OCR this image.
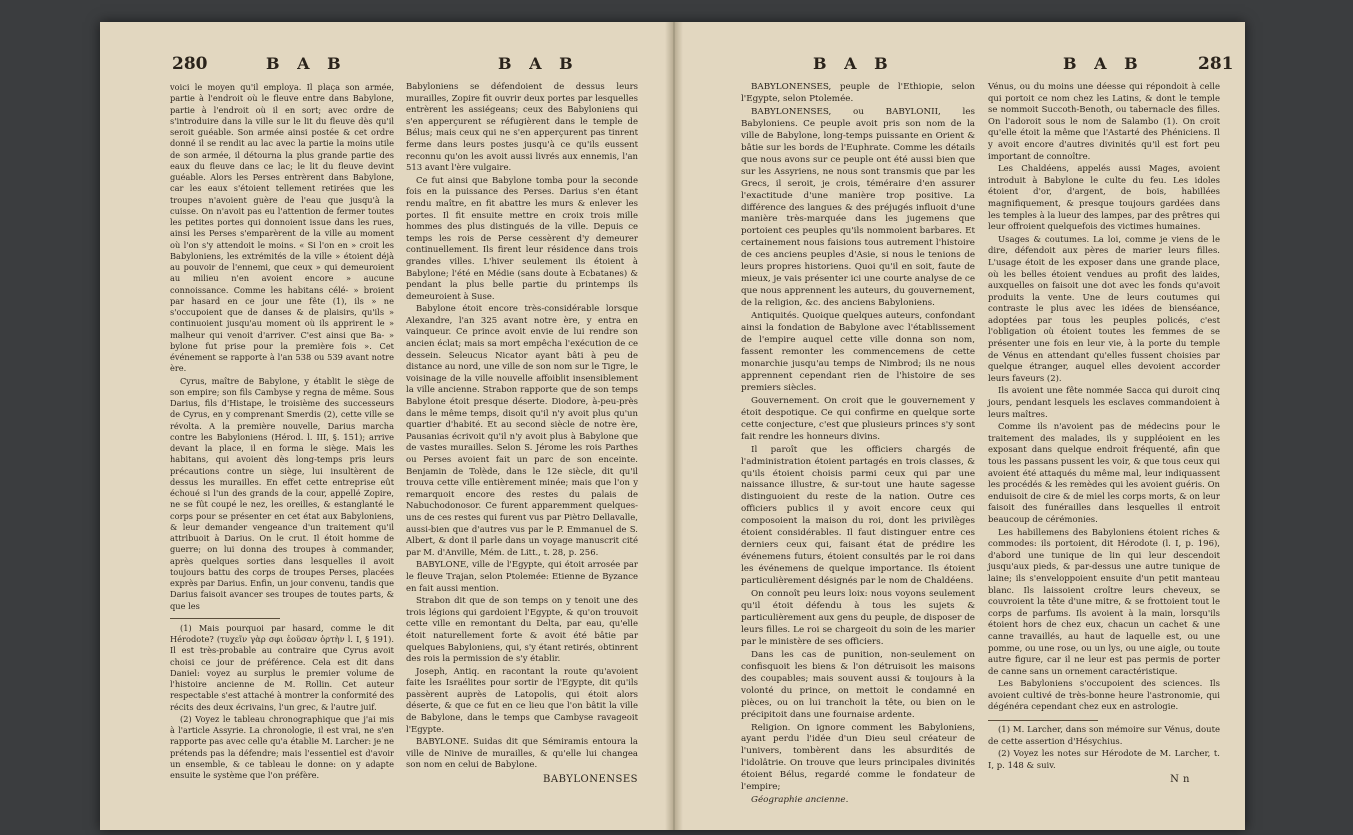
280	B A B	B A B

voici le moyen qu'il employa. Il plaça son armée, partie à l'endroit où le fleuve entre dans Babylone, partie à l'endroit où il en sort; avec ordre de s'introduire dans la ville sur le lit du fleuve dès qu'il seroit guéable. Son armée ainsi postée & cet ordre donné il se rendit au lac avec la partie la moins utile de son armée, il détourna la plus grande partie des eaux du fleuve dans ce lac; le lit du fleuve devint guéable. Alors les Perses entrèrent dans Babylone, car les eaux s'étoient tellement retirées que les troupes n'avoient guère de l'eau que jusqu'à la cuisse. On n'avoit pas eu l'attention de fermer toutes les petites portes qui donnoient issue dans les rues, ainsi les Perses s'emparèrent de la ville au moment où l'on s'y attendoit le moins. « Si l'on en » croit les Babyloniens, les extrémités de la ville » étoient déjà au pouvoir de l'ennemi, que ceux » qui demeuroient au milieu n'en avoient encore » aucune connoissance. Comme les habitans célé- » broient par hasard en ce jour une fête (1), ils » ne s'occupoient que de danses & de plaisirs, qu'ils » continuoient jusqu'au moment où ils apprirent le » malheur qui venoit d'arriver. C'est ainsi que Ba- » bylone fut prise pour la première fois ». Cet événement se rapporte à l'an 538 ou 539 avant notre ère.

Cyrus, maître de Babylone, y établit le siège de son empire; son fils Cambyse y regna de même. Sous Darius, fils d'Histape, le troisième des successeurs de Cyrus, en y comprenant Smerdis (2), cette ville se révolta. A la première nouvelle, Darius marcha contre les Babyloniens (Hérod. l. III, §. 151); arrive devant la place, il en forma le siège. Mais les habitans, qui avoient dès long-temps pris leurs précautions contre un siège, lui insultèrent de dessus les murailles. En effet cette entreprise eût échoué si l'un des grands de la cour, appellé Zopire, ne se fût coupé le nez, les oreilles, & estanglanté le corps pour se présenter en cet état aux Babyloniens, & leur demander vengeance d'un traitement qu'il attribuoit à Darius. On le crut. Il étoit homme de guerre; on lui donna des troupes à commander, après quelques sorties dans lesquelles il avoit toujours battu des corps de troupes Perses, placées exprès par Darius. Enfin, un jour convenu, tandis que Darius faisoit avancer ses troupes de toutes parts, & que les

(1) Mais pourquoi par hasard, comme le dit Hérodote? (τυχεῖν γὰρ σφι ἐοῦσαν ὁρτὴν l. I, § 191). Il est très-probable au contraire que Cyrus avoit choisi ce jour de préférence. Cela est dit dans Daniel: voyez au surplus le premier volume de l'histoire ancienne de M. Rollin. Cet auteur respectable s'est attaché à montrer la conformité des récits des deux écrivains, l'un grec, & l'autre juif.

(2) Voyez le tableau chronographique que j'ai mis à l'article Assyrie. La chronologie, il est vrai, ne s'en rapporte pas avec celle qu'a établie M. Larcher: je ne prétends pas la défendre; mais l'essentiel est d'avoir un ensemble, & ce tableau le donne: on y adapte ensuite le système que l'on préfère.

Babyloniens se défendoient de dessus leurs murailles, Zopire fit ouvrir deux portes par lesquelles entrèrent les assiégeans; ceux des Babyloniens qui s'en apperçurent se réfugièrent dans le temple de Bélus; mais ceux qui ne s'en apperçurent pas tinrent ferme dans leurs postes jusqu'à ce qu'ils eussent reconnu qu'on les avoit aussi livrés aux ennemis, l'an 513 avant l'ère vulgaire.

Ce fut ainsi que Babylone tomba pour la seconde fois en la puissance des Perses. Darius s'en étant rendu maître, en fit abattre les murs & enlever les portes. Il fit ensuite mettre en croix trois mille hommes des plus distingués de la ville. Depuis ce temps les rois de Perse cessèrent d'y demeurer continuellement. Ils firent leur résidence dans trois grandes villes. L'hiver seulement ils étoient à Babylone; l'été en Médie (sans doute à Ecbatanes) & pendant la plus belle partie du printemps ils demeuroient à Suse.

Babylone étoit encore très-considérable lorsque Alexandre, l'an 325 avant notre ère, y entra en vainqueur. Ce prince avoit envie de lui rendre son ancien éclat; mais sa mort empêcha l'exécution de ce dessein. Seleucus Nicator ayant bâti à peu de distance au nord, une ville de son nom sur le Tigre, le voisinage de la ville nouvelle affoiblit insensiblement la ville ancienne. Strabon rapporte que de son temps Babylone étoit presque déserte. Diodore, à-peu-près dans le même temps, disoit qu'il n'y avoit plus qu'un quartier d'habité. Et au second siècle de notre ère, Pausanias écrivoit qu'il n'y avoit plus à Babylone que de vastes murailles. Selon S. Jérome les rois Parthes ou Perses avoient fait un parc de son enceinte. Benjamin de Tolède, dans le 12e siècle, dit qu'il trouva cette ville entièrement minée; mais que l'on y remarquoit encore des restes du palais de Nabuchodonosor. Ce furent apparemment quelques-uns de ces restes qui furent vus par Piètro Dellavalle, aussi-bien que d'autres vus par le P. Emmanuel de S. Albert, & dont il parle dans un voyage manuscrit cité par M. d'Anville, Mém. de Litt., t. 28, p. 256.

BABYLONE, ville de l'Egypte, qui étoit arrosée par le fleuve Trajan, selon Ptolemée: Etienne de Byzance en fait aussi mention.

Strabon dit que de son temps on y tenoit une des trois légions qui gardoient l'Egypte, & qu'on trouvoit cette ville en remontant du Delta, par eau, qu'elle étoit naturellement forte & avoit été bâtie par quelques Babyloniens, qui, s'y étant retirés, obtinrent des rois la permission de s'y établir.

Joseph, Antiq. en racontant la route qu'avoient faite les Israélites pour sortir de l'Egypte, dit qu'ils passèrent auprès de Latopolis, qui étoit alors déserte, & que ce fut en ce lieu que l'on bâtit la ville de Babylone, dans le temps que Cambyse ravageoit l'Egypte.

BABYLONE. Suidas dit que Sémiramis entoura la ville de Ninive de murailles, & qu'elle lui changea son nom en celui de Babylone.

BABYLONENSES
B A B	B A B	281

BABYLONENSES, peuple de l'Ethiopie, selon l'Egypte, selon Ptolemée.

BABYLONENSES, ou BABYLONII, les Babyloniens. Ce peuple avoit pris son nom de la ville de Babylone, long-temps puissante en Orient & bâtie sur les bords de l'Euphrate. Comme les détails que nous avons sur ce peuple ont été aussi bien que sur les Assyriens, ne nous sont transmis que par les Grecs, il seroit, je crois, téméraire d'en assurer l'exactitude d'une manière trop positive. La différence des langues & des préjugés influoit d'une manière très-marquée dans les jugemens que portoient ces peuples qu'ils nommoient barbares. Et certainement nous faisions tous autrement l'histoire de ces anciens peuples d'Asie, si nous le tenions de leurs propres historiens. Quoi qu'il en soit, faute de mieux, je vais présenter ici une courte analyse de ce que nous apprennent les auteurs, du gouvernement, de la religion, &c. des anciens Babyloniens.

Antiquités. Quoique quelques auteurs, confondant ainsi la fondation de Babylone avec l'établissement de l'empire auquel cette ville donna son nom, fassent remonter les commencemens de cette monarchie jusqu'au temps de Nimbrod; ils ne nous apprennent cependant rien de l'histoire de ses premiers siècles.

Gouvernement. On croit que le gouvernement y étoit despotique. Ce qui confirme en quelque sorte cette conjecture, c'est que plusieurs princes s'y sont fait rendre les honneurs divins.

Il paroît que les officiers chargés de l'administration étoient partagés en trois classes, & qu'ils étoient choisis parmi ceux qui par une naissance illustre, & sur-tout une haute sagesse distinguoient du reste de la nation. Outre ces officiers publics il y avoit encore ceux qui composoient la maison du roi, dont les privilèges étoient considérables. Il faut distinguer entre ces derniers ceux qui, faisant état de prédire les événemens futurs, étoient consultés par le roi dans les événemens de quelque importance. Ils étoient particulièrement désignés par le nom de Chaldéens.

On connoît peu leurs loix: nous voyons seulement qu'il étoit défendu à tous les sujets & particulièrement aux gens du peuple, de disposer de leurs filles. Le roi se chargeoit du soin de les marier par le ministère de ses officiers.

Dans les cas de punition, non-seulement on confisquoit les biens & l'on détruisoit les maisons des coupables; mais souvent aussi & toujours à la volonté du prince, on mettoit le condamné en pièces, ou on lui tranchoit la tête, ou bien on le précipitoit dans une fournaise ardente.

Religion. On ignore comment les Babyloniens, ayant perdu l'idée d'un Dieu seul créateur de l'univers, tombèrent dans les absurdités de l'idolâtrie. On trouve que leurs principales divinités étoient Bélus, regardé comme le fondateur de l'empire;

Géographie ancienne.

Vénus, ou du moins une déesse qui répondoit à celle qui portoit ce nom chez les Latins, & dont le temple se nommoit Succoth-Benoth, ou tabernacle des filles. On l'adoroit sous le nom de Salambo (1). On croit qu'elle étoit la même que l'Astarté des Phéniciens. Il y avoit encore d'autres divinités qu'il est fort peu important de connoître.

Les Chaldéens, appelés aussi Mages, avoient introduit à Babylone le culte du feu. Les idoles étoient d'or, d'argent, de bois, habillées magnifiquement, & presque toujours gardées dans les temples à la lueur des lampes, par des prêtres qui leur offroient quelquefois des victimes humaines.

Usages & coutumes. La loi, comme je viens de le dire, défendoit aux pères de marier leurs filles. L'usage étoit de les exposer dans une grande place, où les belles étoient vendues au profit des laides, auxquelles on faisoit une dot avec les fonds qu'avoit produits la vente. Une de leurs coutumes qui contraste le plus avec les idées de bienséance, adoptées par tous les peuples policés, c'est l'obligation où étoient toutes les femmes de se présenter une fois en leur vie, à la porte du temple de Vénus en attendant qu'elles fussent choisies par quelque étranger, auquel elles devoient accorder leurs faveurs (2).

Ils avoient une fête nommée Sacca qui duroit cinq jours, pendant lesquels les esclaves commandoient à leurs maîtres.

Comme ils n'avoient pas de médecins pour le traitement des malades, ils y suppléoient en les exposant dans quelque endroit fréquenté, afin que tous les passans pussent les voir, & que tous ceux qui avoient été attaqués du même mal, leur indiquassent les procédés & les remèdes qui les avoient guéris. On enduisoit de cire & de miel les corps morts, & on leur faisoit des funérailles dans lesquelles il entroit beaucoup de cérémonies.

Les habillemens des Babyloniens étoient riches & commodes: ils portoient, dit Hérodote (l. I, p. 196), d'abord une tunique de lin qui leur descendoit jusqu'aux pieds, & par-dessus une autre tunique de laine; ils s'enveloppoient ensuite d'un petit manteau blanc. Ils laissoient croître leurs cheveux, se couvroient la tête d'une mitre, & se frottoient tout le corps de parfums. Ils avoient à la main, lorsqu'ils étoient hors de chez eux, chacun un cachet & une canne travaillés, au haut de laquelle est, ou une pomme, ou une rose, ou un lys, ou une aigle, ou toute autre figure, car il ne leur est pas permis de porter de canne sans un ornement caractéristique.

Les Babyloniens s'occupoient des sciences. Ils avoient cultivé de très-bonne heure l'astronomie, qui dégénéra cependant chez eux en astrologie.

(1) M. Larcher, dans son mémoire sur Vénus, doute de cette assertion d'Hésychius.

(2) Voyez les notes sur Hérodote de M. Larcher, t. I, p. 148 & suiv.

N n
